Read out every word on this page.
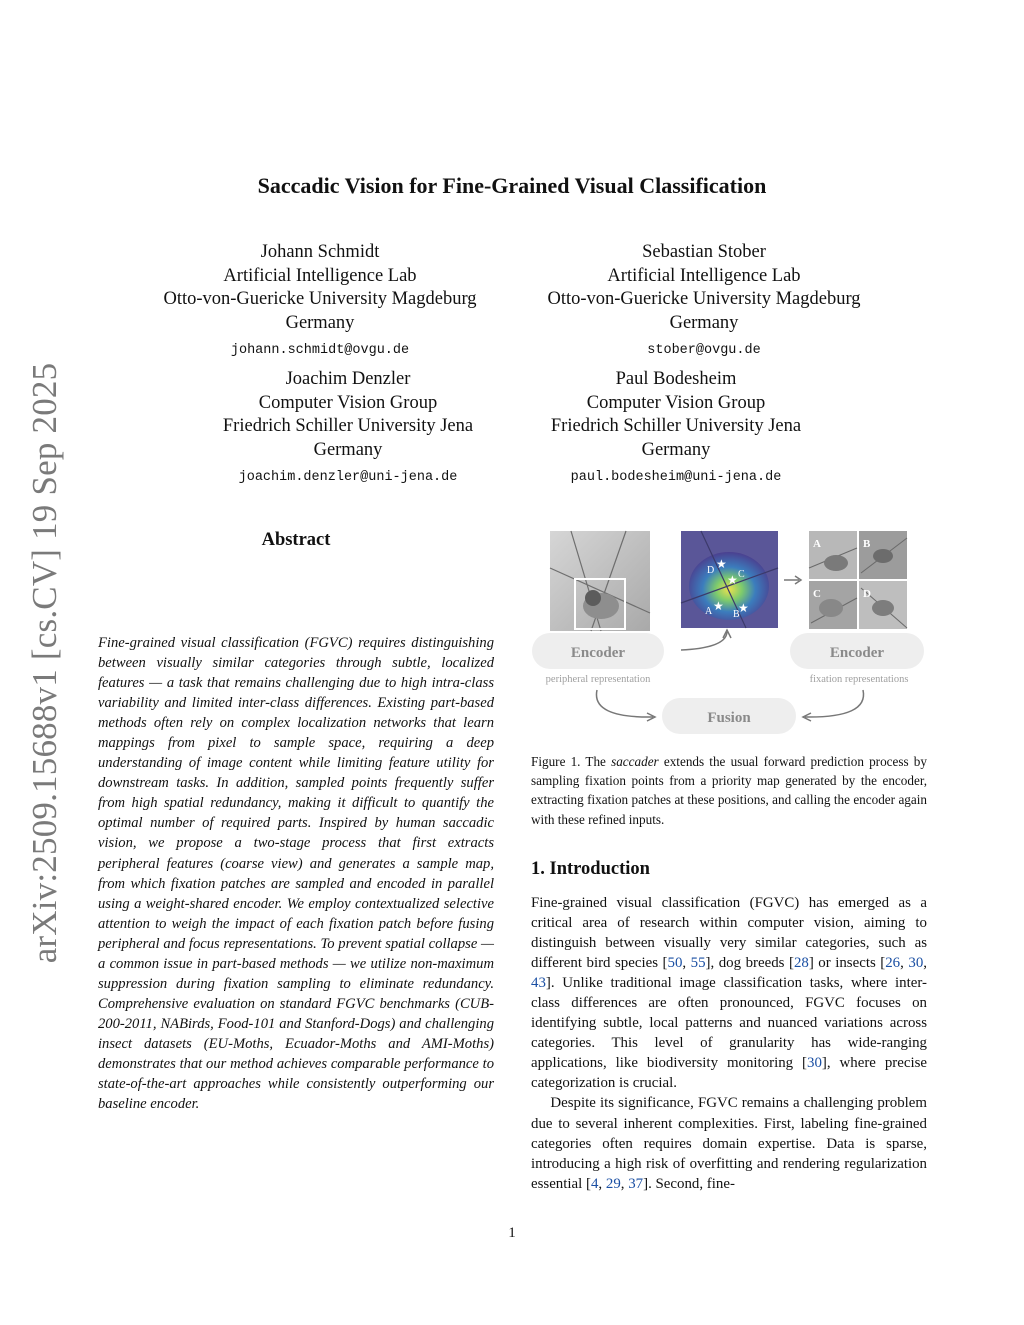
arXiv:2509.15688v1 [cs.CV] 19 Sep 2025
Saccadic Vision for Fine-Grained Visual Classification
Johann Schmidt
Artificial Intelligence Lab
Otto-von-Guericke University Magdeburg
Germany
johann.schmidt@ovgu.de
Sebastian Stober
Artificial Intelligence Lab
Otto-von-Guericke University Magdeburg
Germany
stober@ovgu.de
Joachim Denzler
Computer Vision Group
Friedrich Schiller University Jena
Germany
joachim.denzler@uni-jena.de
Paul Bodesheim
Computer Vision Group
Friedrich Schiller University Jena
Germany
paul.bodesheim@uni-jena.de
Abstract
Fine-grained visual classification (FGVC) requires distinguishing between visually similar categories through subtle, localized features — a task that remains challenging due to high intra-class variability and limited inter-class differences. Existing part-based methods often rely on complex localization networks that learn mappings from pixel to sample space, requiring a deep understanding of image content while limiting feature utility for downstream tasks. In addition, sampled points frequently suffer from high spatial redundancy, making it difficult to quantify the optimal number of required parts. Inspired by human saccadic vision, we propose a two-stage process that first extracts peripheral features (coarse view) and generates a sample map, from which fixation patches are sampled and encoded in parallel using a weight-shared encoder. We employ contextualized selective attention to weigh the impact of each fixation patch before fusing peripheral and focus representations. To prevent spatial collapse — a common issue in part-based methods — we utilize non-maximum suppression during fixation sampling to eliminate redundancy. Comprehensive evaluation on standard FGVC benchmarks (CUB-200-2011, NABirds, Food-101 and Stanford-Dogs) and challenging insect datasets (EU-Moths, Ecuador-Moths and AMI-Moths) demonstrates that our method achieves comparable performance to state-of-the-art approaches while consistently outperforming our baseline encoder.
A ★
B
★
C
★
D ★
A	B
C	D
Encoder	Encoder
peripheral representation	fixation representations
Fusion
Figure 1. The saccader extends the usual forward prediction process by sampling fixation points from a priority map generated by the encoder, extracting fixation patches at these positions, and calling the encoder again with these refined inputs.
1. Introduction

Fine-grained visual classification (FGVC) has emerged as a critical area of research within computer vision, aiming to distinguish between visually very similar categories, such as different bird species [50, 55], dog breeds [28] or insects [26, 30, 43]. Unlike traditional image classification tasks, where inter-class differences are often pronounced, FGVC focuses on identifying subtle, local patterns and nuanced variations across categories. This level of granularity has wide-ranging applications, like biodiversity monitoring [30], where precise categorization is crucial.

Despite its significance, FGVC remains a challenging problem due to several inherent complexities. First, labeling fine-grained categories often requires domain expertise. Data is sparse, introducing a high risk of overfitting and rendering regularization essential [4, 29, 37]. Second, fine-

1
